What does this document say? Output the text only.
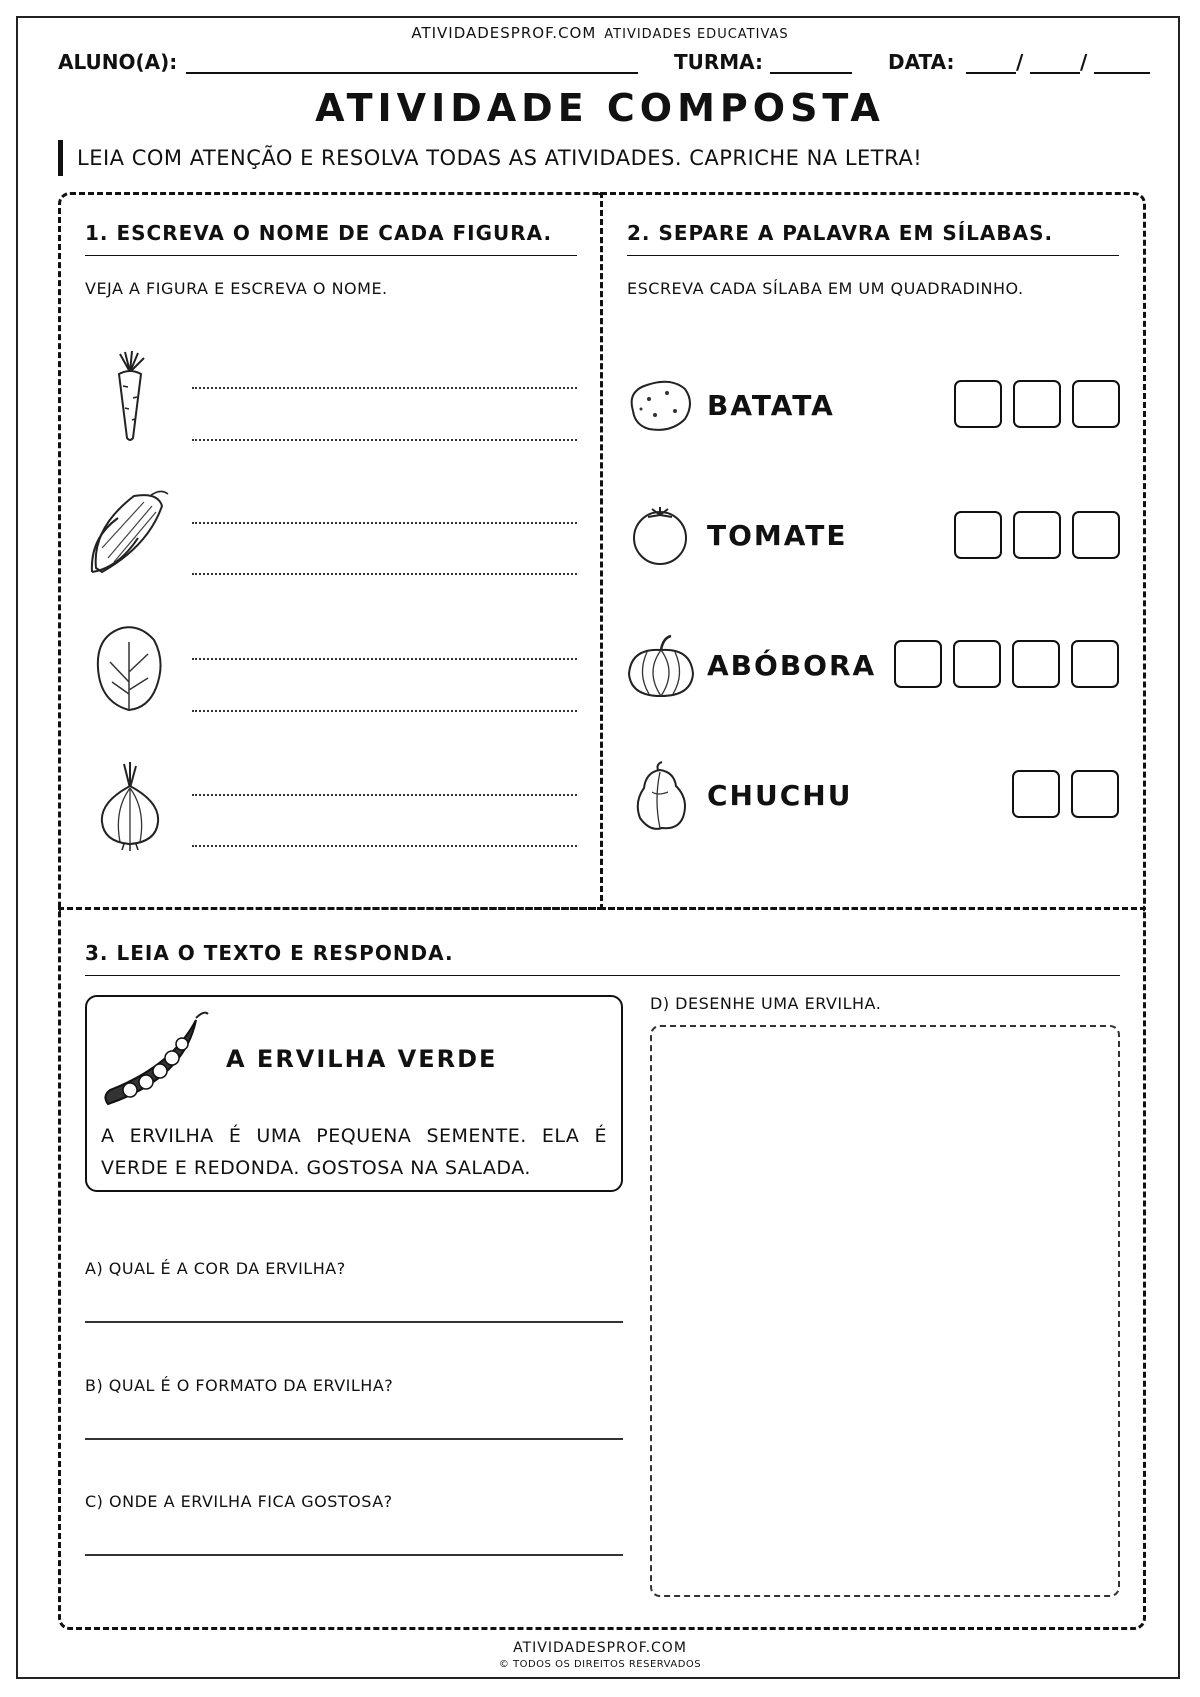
ATIVIDADESPROF.COM ATIVIDADES EDUCATIVAS
ALUNO(A):	TURMA:	DATA:	/	/
ATIVIDADE COMPOSTA
LEIA COM ATENÇÃO E RESOLVA TODAS AS ATIVIDADES. CAPRICHE NA LETRA!
1. ESCREVA O NOME DE CADA FIGURA.
VEJA A FIGURA E ESCREVA O NOME.
2. SEPARE A PALAVRA EM SÍLABAS.
ESCREVA CADA SÍLABA EM UM QUADRADINHO.
BATATA
TOMATE
ABÓBORA
CHUCHU
3. LEIA O TEXTO E RESPONDA.
A ERVILHA VERDE
A ERVILHA É UMA PEQUENA SEMENTE. ELA É VERDE E REDONDA. GOSTOSA NA SALADA.
A) QUAL É A COR DA ERVILHA?
B) QUAL É O FORMATO DA ERVILHA?
C) ONDE A ERVILHA FICA GOSTOSA?
D) DESENHE UMA ERVILHA.
ATIVIDADESPROF.COM
© TODOS OS DIREITOS RESERVADOS
